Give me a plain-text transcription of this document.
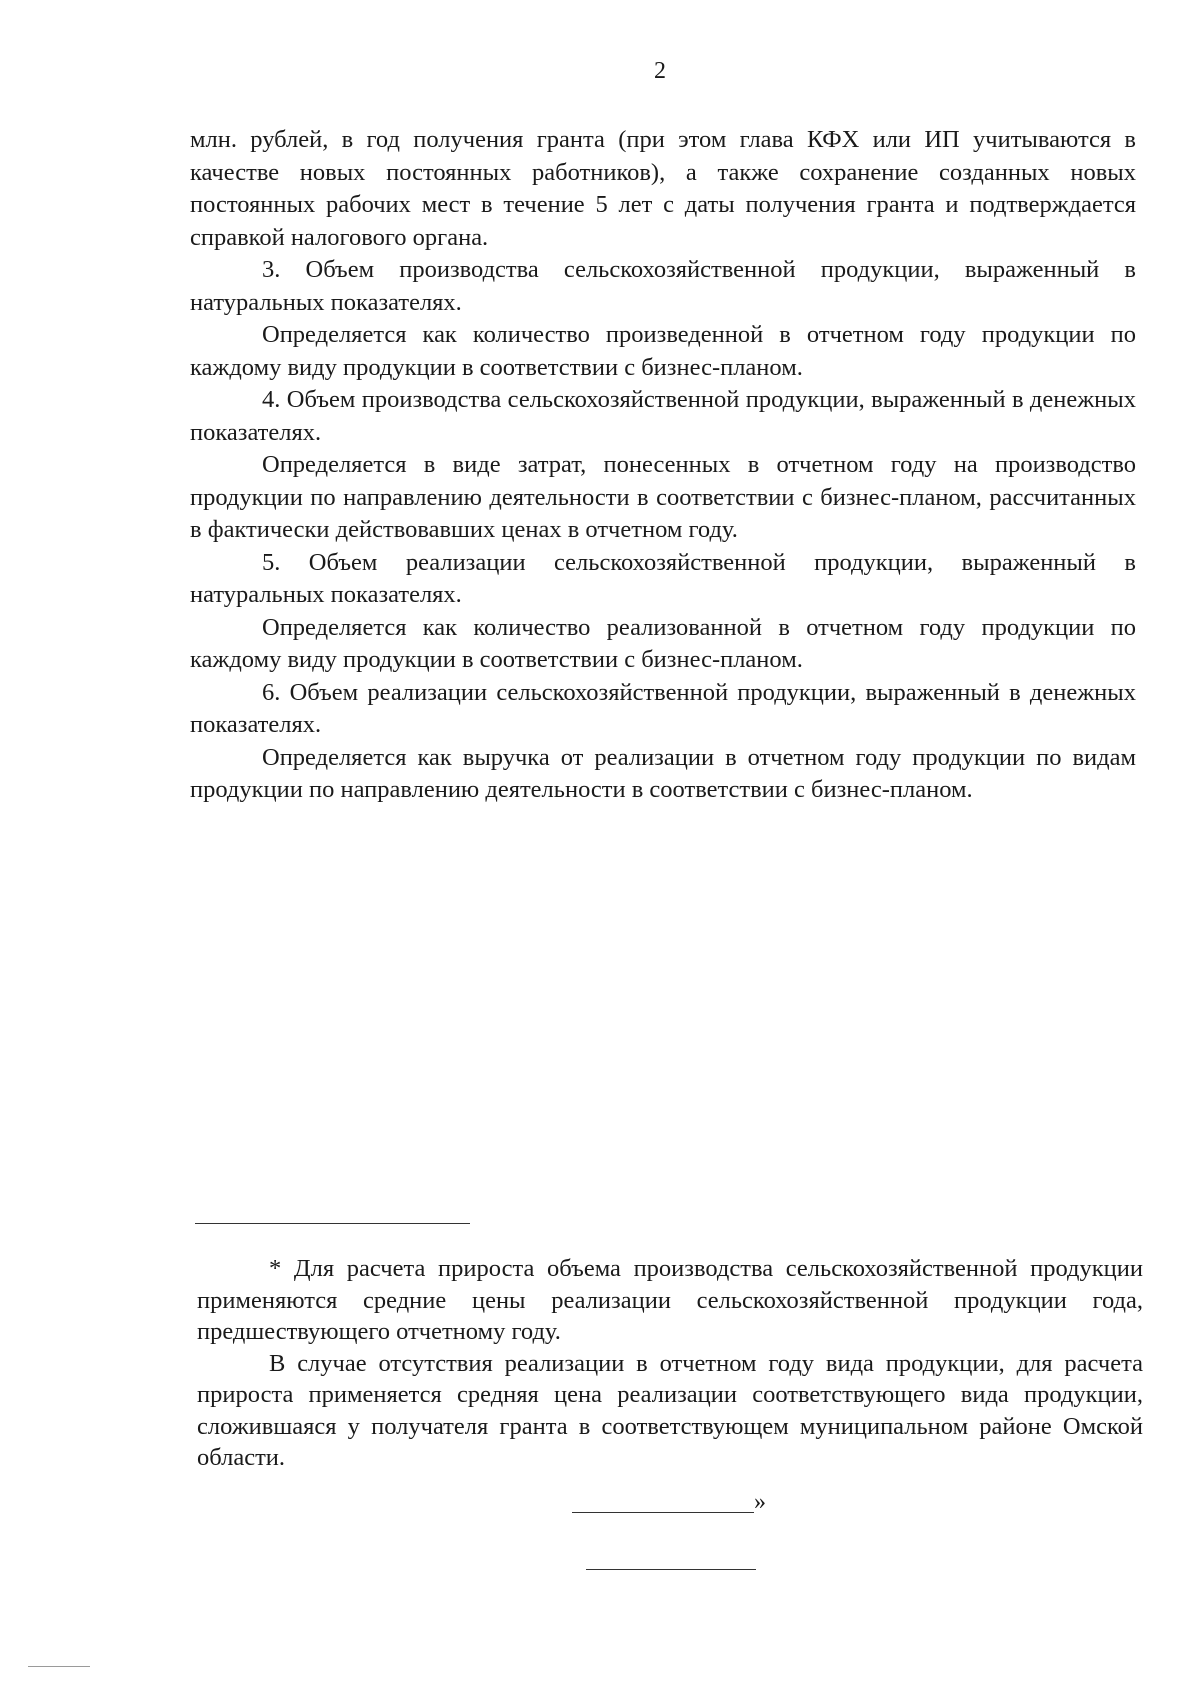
2

млн. рублей, в год получения гранта (при этом глава КФХ или ИП учитываются в качестве новых постоянных работников), а также сохранение созданных новых постоянных рабочих мест в течение 5 лет с даты получения гранта и подтверждается справкой налогового органа.

3. Объем производства сельскохозяйственной продукции, выраженный в натуральных показателях.

Определяется как количество произведенной в отчетном году продукции по каждому виду продукции в соответствии с бизнес-планом.

4. Объем производства сельскохозяйственной продукции, выраженный в денежных показателях.

Определяется в виде затрат, понесенных в отчетном году на производство продукции по направлению деятельности в соответствии с бизнес-планом, рассчитанных в фактически действовавших ценах в отчетном году.

5. Объем реализации сельскохозяйственной продукции, выраженный в натуральных показателях.

Определяется как количество реализованной в отчетном году продукции по каждому виду продукции в соответствии с бизнес-планом.

6. Объем реализации сельскохозяйственной продукции, выраженный в денежных показателях.

Определяется как выручка от реализации в отчетном году продукции по видам продукции по направлению деятельности в соответствии с бизнес-планом.

* Для расчета прироста объема производства сельскохозяйственной продукции применяются средние цены реализации сельскохозяйственной продукции года, предшествующего отчетному году.

В случае отсутствия реализации в отчетном году вида продукции, для расчета прироста применяется средняя цена реализации соответствующего вида продукции, сложившаяся у получателя гранта в соответствующем муниципальном районе Омской области.

»
